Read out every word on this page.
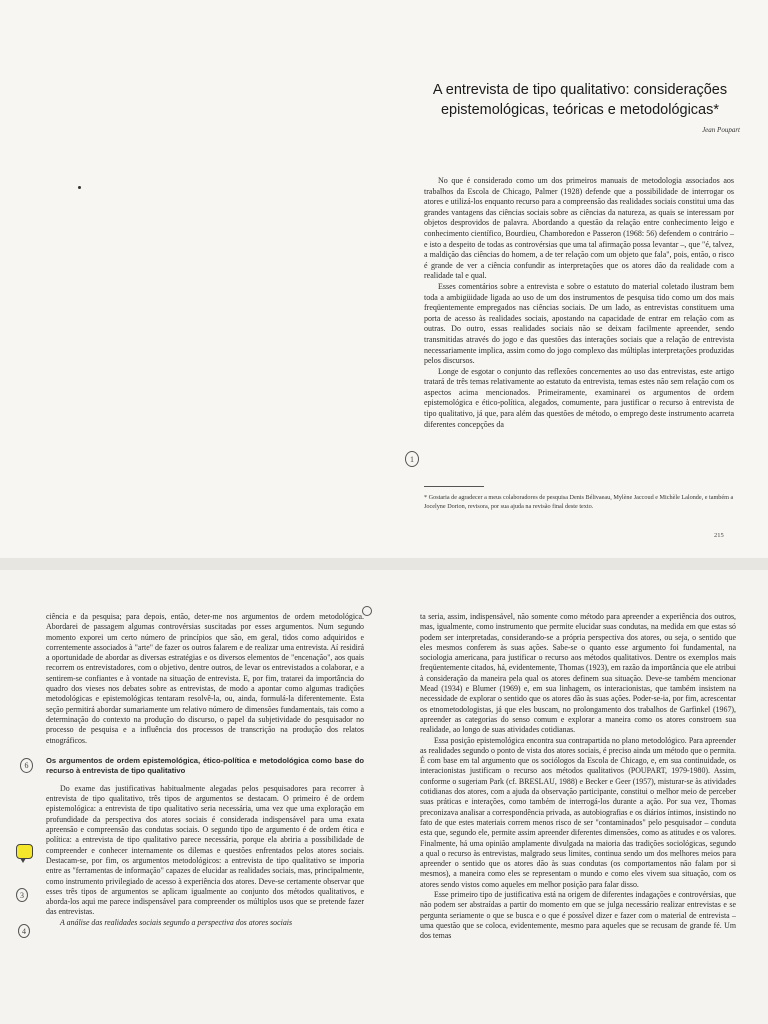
A entrevista de tipo qualitativo: considerações
epistemológicas, teóricas e metodológicas*
Jean Poupart

No que é considerado como um dos primeiros manuais de metodologia associados aos trabalhos da Escola de Chicago, Palmer (1928) defende que a possibilidade de interrogar os atores e utilizá-los enquanto recurso para a compreensão das realidades sociais constitui uma das grandes vantagens das ciências sociais sobre as ciências da natureza, as quais se interessam por objetos desprovidos de palavra. Abordando a questão da relação entre conhecimento leigo e conhecimento científico, Bourdieu, Chamboredon e Passeron (1968: 56) defendem o contrário – e isto a despeito de todas as controvérsias que uma tal afirmação possa levantar –, que "é, talvez, a maldição das ciências do homem, a de ter relação com um objeto que fala", pois, então, o risco é grande de ver a ciência confundir as interpretações que os atores dão da realidade com a realidade tal e qual.

Esses comentários sobre a entrevista e sobre o estatuto do material coletado ilustram bem toda a ambigüidade ligada ao uso de um dos instrumentos de pesquisa tido como um dos mais freqüentemente empregados nas ciências sociais. De um lado, as entrevistas constituem uma porta de acesso às realidades sociais, apostando na capacidade de entrar em relação com as outras. Do outro, essas realidades sociais não se deixam facilmente apreender, sendo transmitidas através do jogo e das questões das interações sociais que a relação de entrevista necessariamente implica, assim como do jogo complexo das múltiplas interpretações produzidas pelos discursos.

Longe de esgotar o conjunto das reflexões concernentes ao uso das entrevistas, este artigo tratará de três temas relativamente ao estatuto da entrevista, temas estes não sem relação com os aspectos acima mencionados. Primeiramente, examinarei os argumentos de ordem epistemológica e ético-política, alegados, comumente, para justificar o recurso à entrevista de tipo qualitativo, já que, para além das questões de método, o emprego deste instrumento acarreta diferentes concepções da

1
* Gostaria de agradecer a meus colaboradores de pesquisa Denis Bélivaeau, Mylène Jaccoud e Michèle Lalonde, e também a Jocelyne Dorion, revisora, por sua ajuda na revisão final deste texto.
215

ciência e da pesquisa; para depois, então, deter-me nos argumentos de ordem metodológica. Abordarei de passagem algumas controvérsias suscitadas por esses argumentos. Num segundo momento exporei um certo número de princípios que são, em geral, tidos como adquiridos e correntemente associados à "arte" de fazer os outros falarem e de realizar uma entrevista. Aí residirá a oportunidade de abordar as diversas estratégias e os diversos elementos de "encenação", aos quais recorrem os entrevistadores, com o objetivo, dentre outros, de levar os entrevistados a colaborar, e a sentirem-se confiantes e à vontade na situação de entrevista. E, por fim, tratarei da importância do quadro dos vieses nos debates sobre as entrevistas, de modo a apontar como algumas tradições metodológicas e epistemológicas tentaram resolvê-la, ou, ainda, formulá-la diferentemente. Esta seção permitirá abordar sumariamente um relativo número de dimensões fundamentais, tais como a determinação do contexto na produção do discurso, o papel da subjetividade do pesquisador no processo de pesquisa e a influência dos processos de transcrição na produção dos relatos etnográficos.

Os argumentos de ordem epistemológica, ético-política e metodológica como base do recurso à entrevista de tipo qualitativo

Do exame das justificativas habitualmente alegadas pelos pesquisadores para recorrer à entrevista de tipo qualitativo, três tipos de argumentos se destacam. O primeiro é de ordem epistemológica: a entrevista de tipo qualitativo seria necessária, uma vez que uma exploração em profundidade da perspectiva dos atores sociais é considerada indispensável para uma exata apreensão e compreensão das condutas sociais. O segundo tipo de argumento é de ordem ética e política: a entrevista de tipo qualitativo parece necessária, porque ela abriria a possibilidade de compreender e conhecer internamente os dilemas e questões enfrentados pelos atores sociais. Destacam-se, por fim, os argumentos metodológicos: a entrevista de tipo qualitativo se imporia entre as "ferramentas de informação" capazes de elucidar as realidades sociais, mas, principalmente, como instrumento privilegiado de acesso à experiência dos atores. Deve-se certamente observar que esses três tipos de argumentos se aplicam igualmente ao conjunto dos métodos qualitativos, e aborda-los aqui me parece indispensável para compreender os múltiplos usos que se pretende fazer das entrevistas.

A análise das realidades sociais segundo a perspectiva dos atores sociais

ta seria, assim, indispensável, não somente como método para apreender a experiência dos outros, mas, igualmente, como instrumento que permite elucidar suas condutas, na medida em que estas só podem ser interpretadas, considerando-se a própria perspectiva dos atores, ou seja, o sentido que eles mesmos conferem às suas ações. Sabe-se o quanto esse argumento foi fundamental, na sociologia americana, para justificar o recurso aos métodos qualitativos. Dentre os exemplos mais freqüentemente citados, há, evidentemente, Thomas (1923), em razão da importância que ele atribui à consideração da maneira pela qual os atores definem sua situação. Deve-se também mencionar Mead (1934) e Blumer (1969) e, em sua linhagem, os interacionistas, que também insistem na necessidade de explorar o sentido que os atores dão às suas ações. Poder-se-ia, por fim, acrescentar os etnometodologistas, já que eles buscam, no prolongamento dos trabalhos de Garfinkel (1967), apreender as categorias do senso comum e explorar a maneira como os atores constroem sua realidade, ao longo de suas atividades cotidianas.

Essa posição epistemológica encontra sua contrapartida no plano metodológico. Para apreender as realidades segundo o ponto de vista dos atores sociais, é preciso ainda um método que o permita. É com base em tal argumento que os sociólogos da Escola de Chicago, e, em sua continuidade, os interacionistas justificam o recurso aos métodos qualitativos (POUPART, 1979-1980). Assim, conforme o sugeriam Park (cf. BRESLAU, 1988) e Becker e Geer (1957), misturar-se às atividades cotidianas dos atores, com a ajuda da observação participante, constitui o melhor meio de perceber suas práticas e interações, como também de interrogá-los durante a ação. Por sua vez, Thomas preconizava analisar a correspondência privada, as autobiografias e os diários íntimos, insistindo no fato de que estes materiais correm menos risco de ser "contaminados" pelo pesquisador – conduta esta que, segundo ele, permite assim apreender diferentes dimensões, como as atitudes e os valores. Finalmente, há uma opinião amplamente divulgada na maioria das tradições sociológicas, segundo a qual o recurso às entrevistas, malgrado seus limites, continua sendo um dos melhores meios para apreender o sentido que os atores dão às suas condutas (os comportamentos não falam por si mesmos), a maneira como eles se representam o mundo e como eles vivem sua situação, com os atores sendo vistos como aqueles em melhor posição para falar disso.

Esse primeiro tipo de justificativa está na origem de diferentes indagações e controvérsias, que não podem ser abstraídas a partir do momento em que se julga necessário realizar entrevistas e se pergunta seriamente o que se busca e o que é possível dizer e fazer com o material de entrevista – uma questão que se coloca, evidentemente, mesmo para aqueles que se recusam de grande fé. Um dos temas

6
3
4
